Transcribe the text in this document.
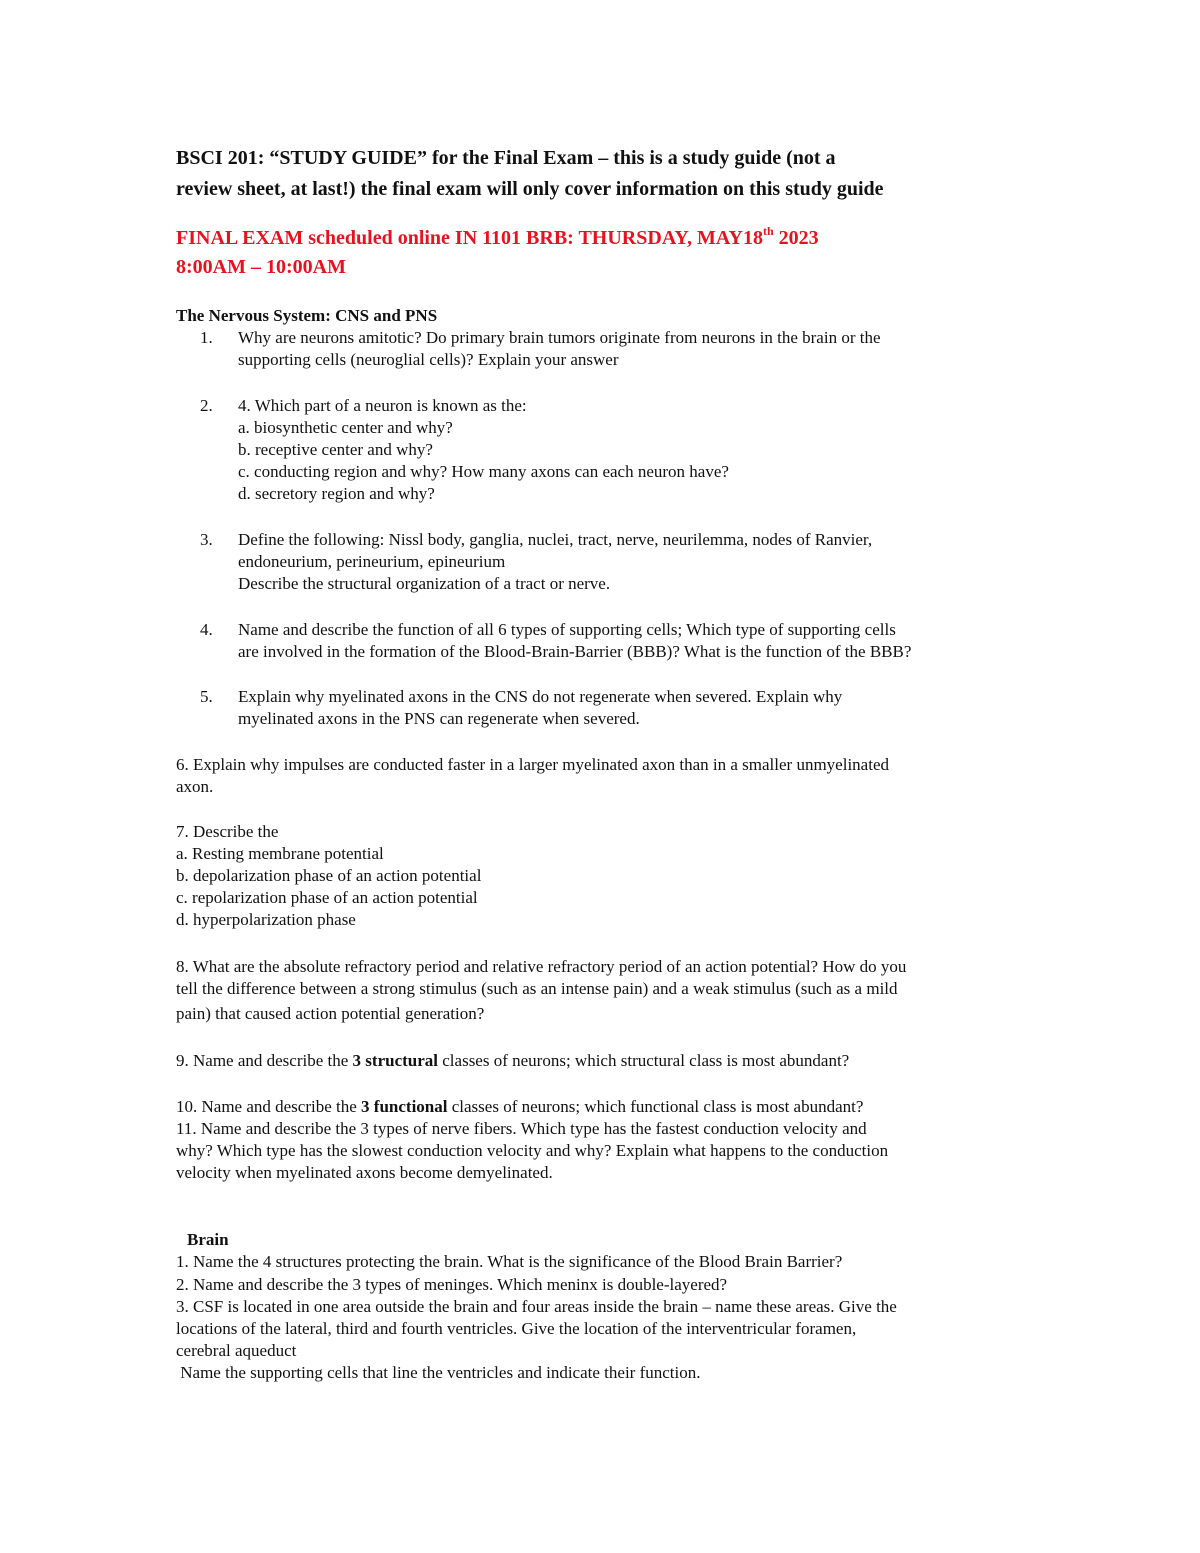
BSCI 201: “STUDY GUIDE” for the Final Exam – this is a study guide (not a
review sheet, at last!) the final exam will only cover information on this study guide
FINAL EXAM scheduled online IN 1101 BRB: THURSDAY, MAY18th 2023
8:00AM – 10:00AM
The Nervous System: CNS and PNS
1.	Why are neurons amitotic? Do primary brain tumors originate from neurons in the brain or the
supporting cells (neuroglial cells)? Explain your answer
2.	4. Which part of a neuron is known as the:
a. biosynthetic center and why?
b. receptive center and why?
c. conducting region and why? How many axons can each neuron have?
d. secretory region and why?
3.	Define the following: Nissl body, ganglia, nuclei, tract, nerve, neurilemma, nodes of Ranvier,
endoneurium, perineurium, epineurium
Describe the structural organization of a tract or nerve.
4.	Name and describe the function of all 6 types of supporting cells; Which type of supporting cells
are involved in the formation of the Blood-Brain-Barrier (BBB)? What is the function of the BBB?
5.	Explain why myelinated axons in the CNS do not regenerate when severed. Explain why
myelinated axons in the PNS can regenerate when severed.
6. Explain why impulses are conducted faster in a larger myelinated axon than in a smaller unmyelinated
axon.
7. Describe the
a. Resting membrane potential
b. depolarization phase of an action potential
c. repolarization phase of an action potential
d. hyperpolarization phase
8. What are the absolute refractory period and relative refractory period of an action potential? How do you
tell the difference between a strong stimulus (such as an intense pain) and a weak stimulus (such as a mild
pain) that caused action potential generation?
9. Name and describe the 3 structural classes of neurons; which structural class is most abundant?
10. Name and describe the 3 functional classes of neurons; which functional class is most abundant?
11. Name and describe the 3 types of nerve fibers. Which type has the fastest conduction velocity and
why? Which type has the slowest conduction velocity and why? Explain what happens to the conduction
velocity when myelinated axons become demyelinated.
Brain
1. Name the 4 structures protecting the brain. What is the significance of the Blood Brain Barrier?
2. Name and describe the 3 types of meninges. Which meninx is double-layered?
3. CSF is located in one area outside the brain and four areas inside the brain – name these areas. Give the
locations of the lateral, third and fourth ventricles. Give the location of the interventricular foramen,
cerebral aqueduct
Name the supporting cells that line the ventricles and indicate their function.
